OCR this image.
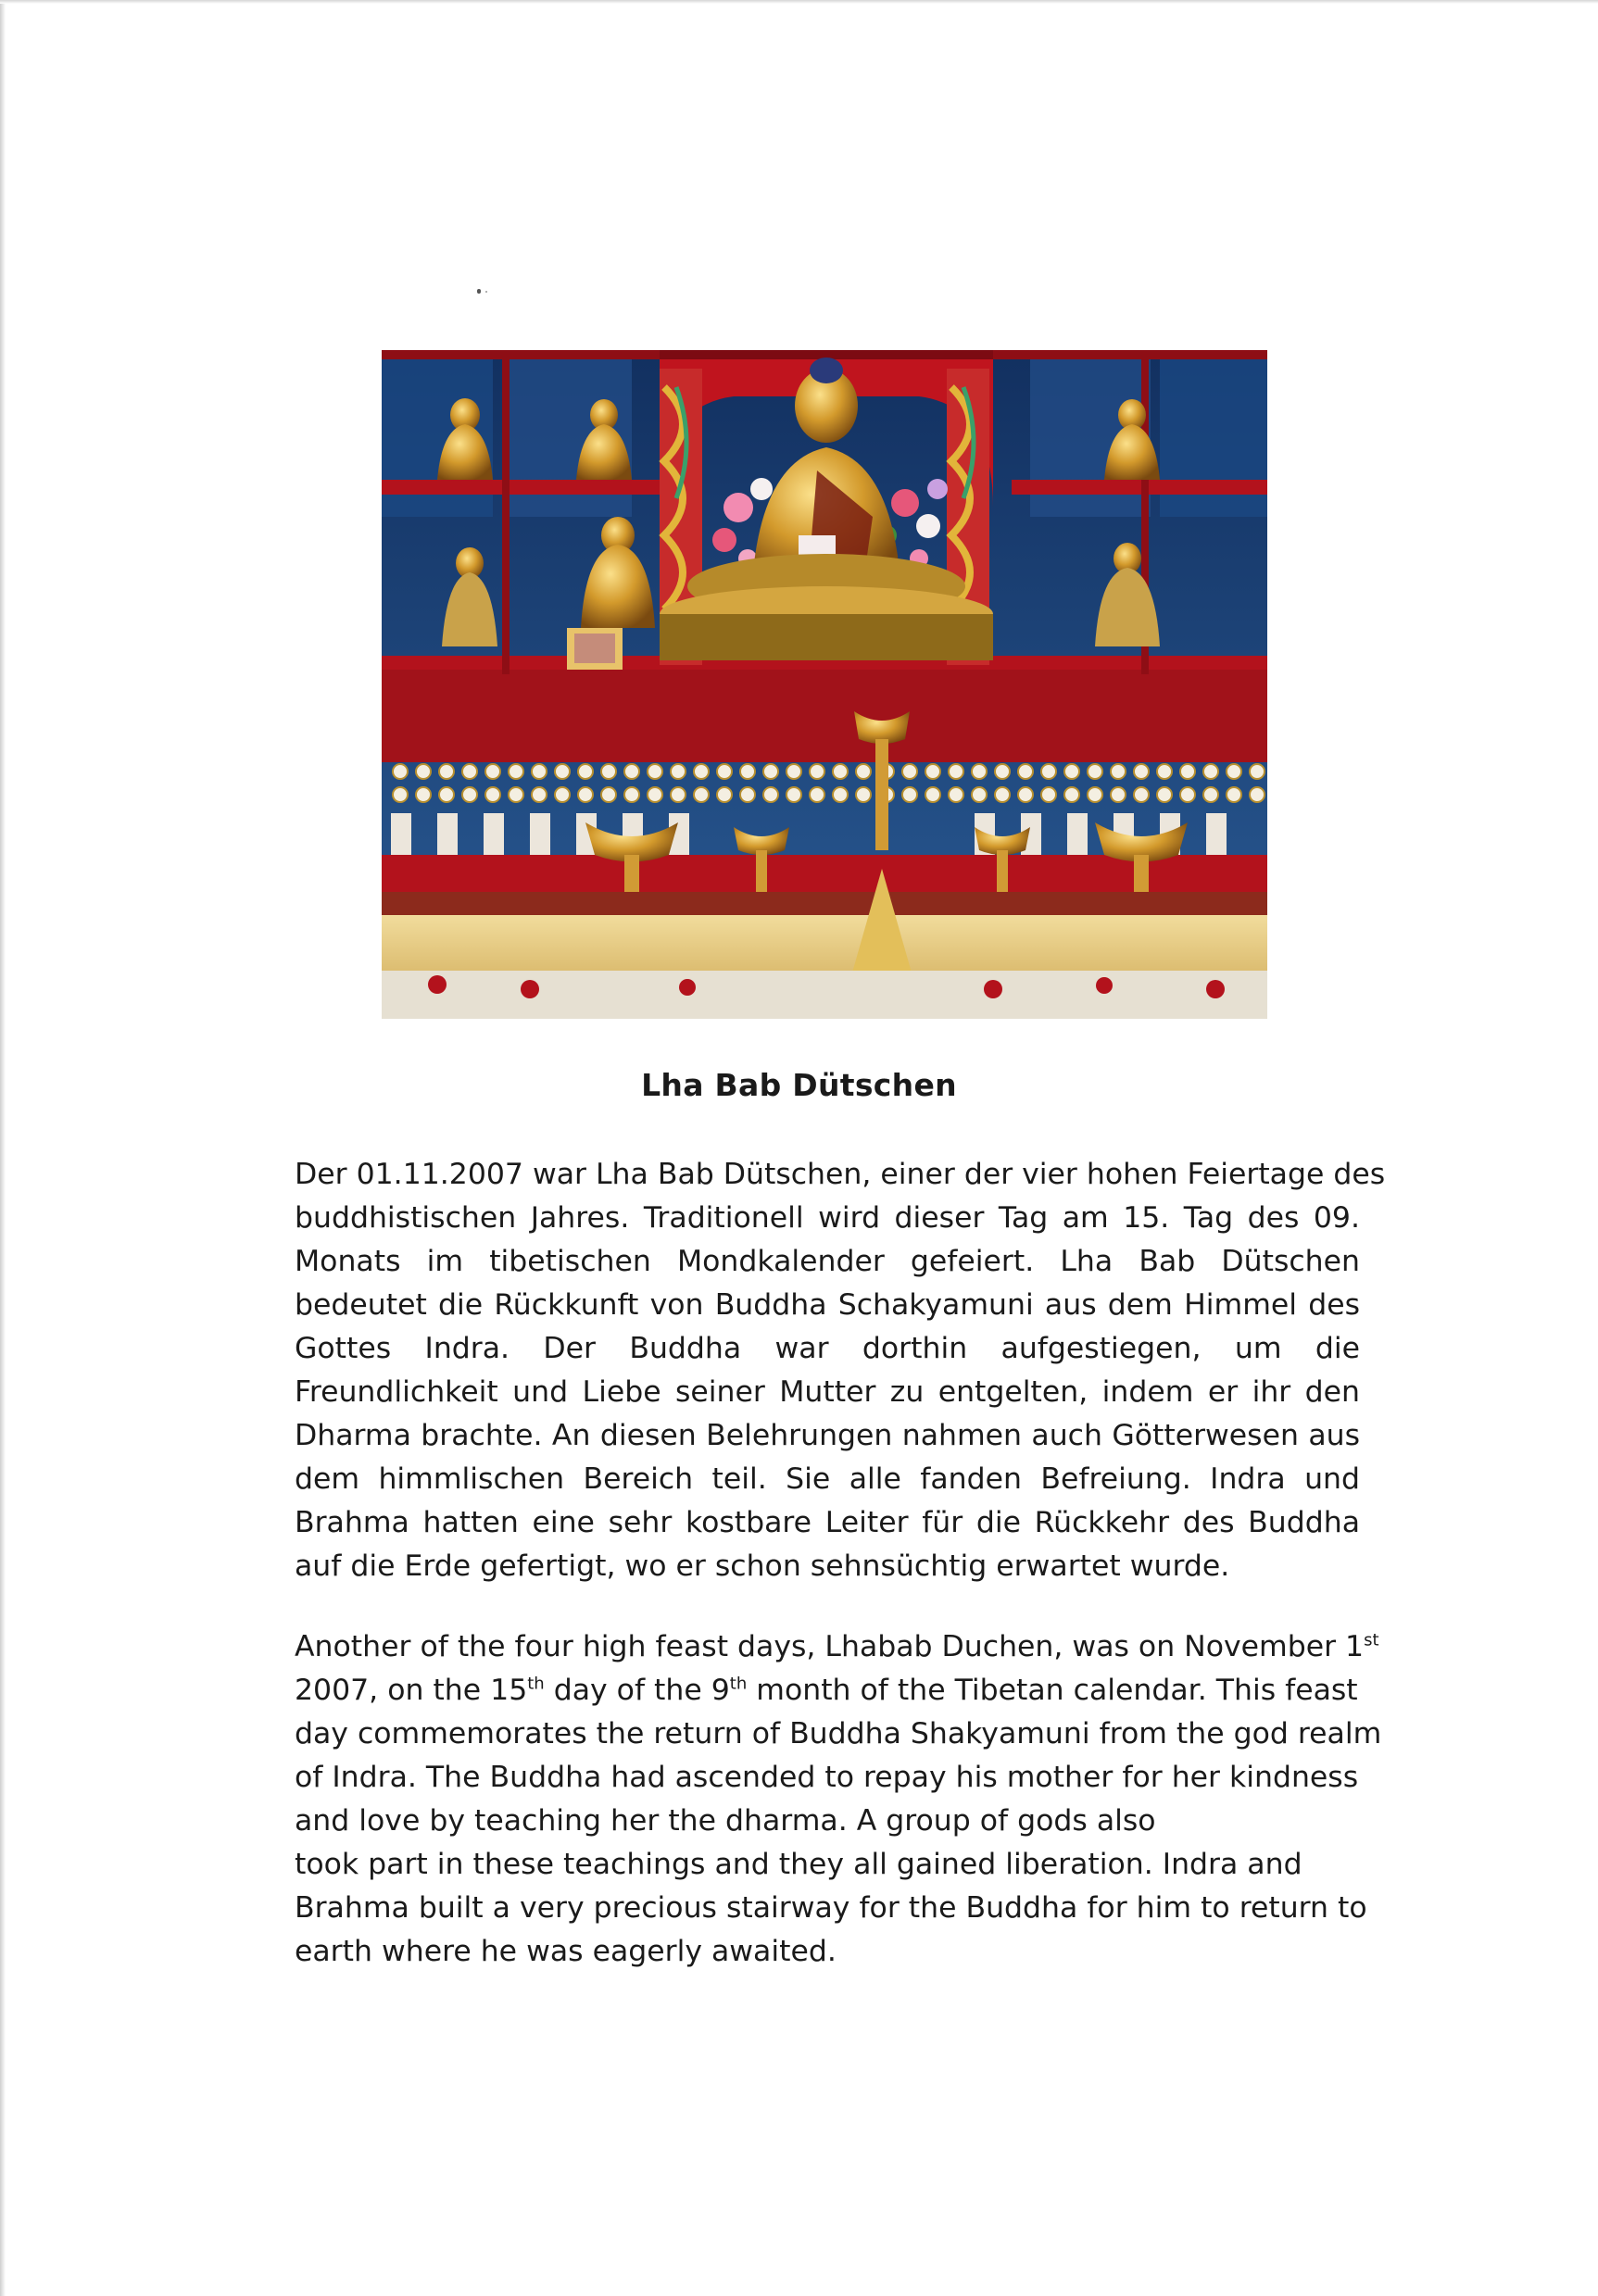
Lha Bab Dütschen
Der 01.11.2007 war Lha Bab Dütschen, einer der vier hohen Feiertage des
buddhistischen Jahres. Traditionell wird dieser Tag am 15. Tag des 09.
Monats im tibetischen Mondkalender gefeiert. Lha Bab Dütschen
bedeutet die Rückkunft von Buddha Schakyamuni aus dem Himmel des
Gottes Indra. Der Buddha war dorthin aufgestiegen, um die
Freundlichkeit und Liebe seiner Mutter zu entgelten, indem er ihr den
Dharma brachte. An diesen Belehrungen nahmen auch Götterwesen aus
dem himmlischen Bereich teil. Sie alle fanden Befreiung. Indra und
Brahma hatten eine sehr kostbare Leiter für die Rückkehr des Buddha
auf die Erde gefertigt, wo er schon sehnsüchtig erwartet wurde.
Another of the four high feast days, Lhabab Duchen, was on November 1st
2007, on the 15th day of the 9th month of the Tibetan calendar. This feast
day commemorates the return of Buddha Shakyamuni from the god realm
of Indra. The Buddha had ascended to repay his mother for her kindness
and love by teaching her the dharma. A group of gods also
took part in these teachings and they all gained liberation. Indra and
Brahma built a very precious stairway for the Buddha for him to return to
earth where he was eagerly awaited.
